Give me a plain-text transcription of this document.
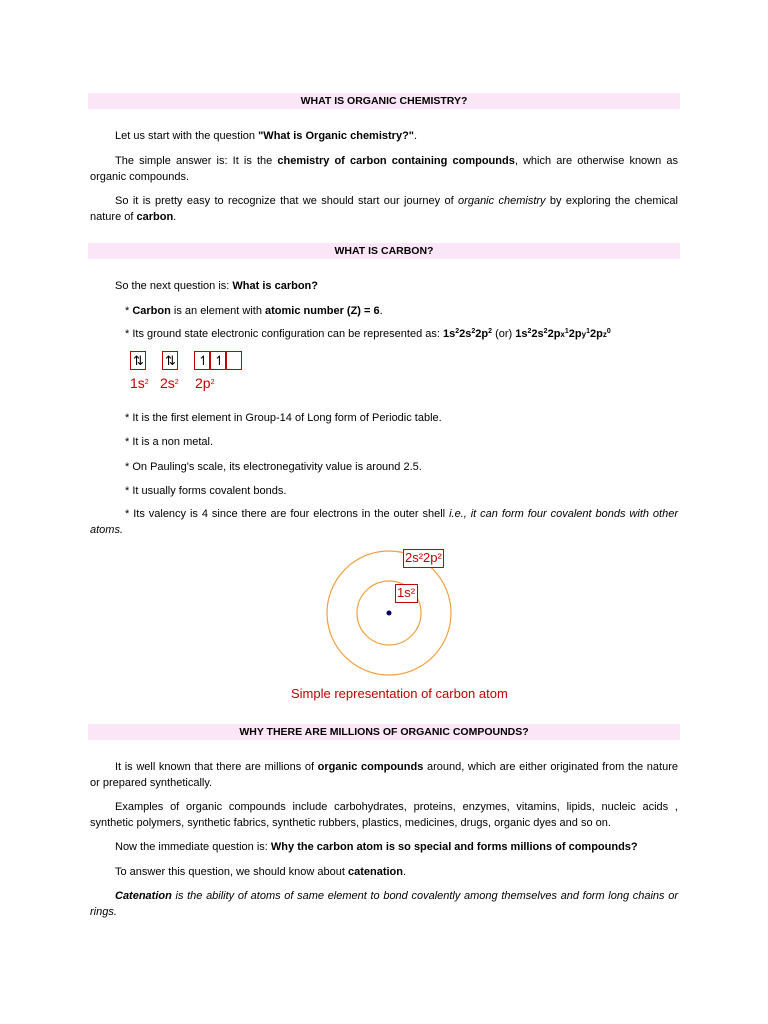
WHAT IS ORGANIC CHEMISTRY?
Let us start with the question "What is Organic chemistry?".
The simple answer is: It is the chemistry of carbon containing compounds, which are otherwise known as organic compounds.
So it is pretty easy to recognize that we should start our journey of organic chemistry by exploring the chemical nature of carbon.
WHAT IS CARBON?
So the next question is: What is carbon?
* Carbon is an element with atomic number (Z) = 6.
* Its ground state electronic configuration can be represented as: $1s^22s^22p^2$ (or) $1s^22s^22px^12py^12pz^0$
⇅ ⇅ ↿ ↿
$1s^2$ $2s^2$ $2p^2$
* It is the first element in Group-14 of Long form of Periodic table.
* It is a non metal.
* On Pauling's scale, its electronegativity value is around 2.5.
* It usually forms covalent bonds.
* Its valency is 4 since there are four electrons in the outer shell i.e., it can form four covalent bonds with other atoms.
2s²2p²
1s²
Simple representation of carbon atom
WHY THERE ARE MILLIONS OF ORGANIC COMPOUNDS?
It is well known that there are millions of organic compounds around, which are either originated from the nature or prepared synthetically.
Examples of organic compounds include carbohydrates, proteins, enzymes, vitamins, lipids, nucleic acids , synthetic polymers, synthetic fabrics, synthetic rubbers, plastics, medicines, drugs, organic dyes and so on.
Now the immediate question is: Why the carbon atom is so special and forms millions of compounds?
To answer this question, we should know about catenation.
Catenation is the ability of atoms of same element to bond covalently among themselves and form long chains or rings.
